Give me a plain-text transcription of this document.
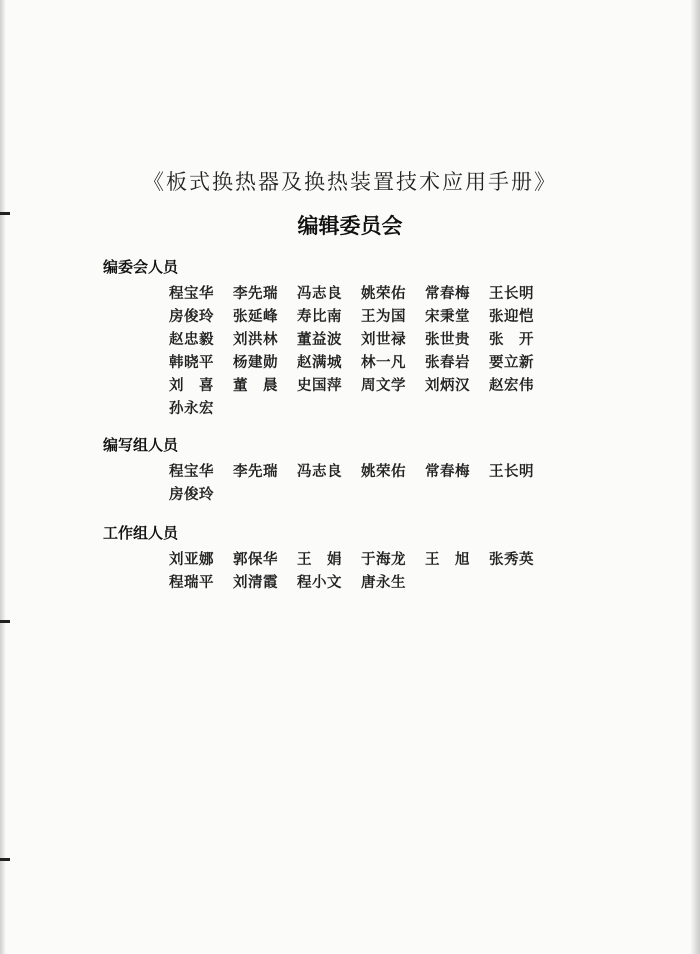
《板式换热器及换热装置技术应用手册》
编辑委员会
编委会人员
程宝华	李先瑞	冯志良	姚荣佑	常春梅	王长明
房俊玲	张延峰	寿比南	王为国	宋秉堂	张迎恺
赵忠毅	刘洪林	董益波	刘世禄	张世贵	张　开
韩晓平	杨建勋	赵满城	林一凡	张春岩	要立新
刘　喜	董　晨	史国萍	周文学	刘炳汉	赵宏伟
孙永宏
编写组人员
程宝华	李先瑞	冯志良	姚荣佑	常春梅	王长明
房俊玲
工作组人员
刘亚娜	郭保华	王　娟	于海龙	王　旭	张秀英
程瑞平	刘清霞	程小文	唐永生
